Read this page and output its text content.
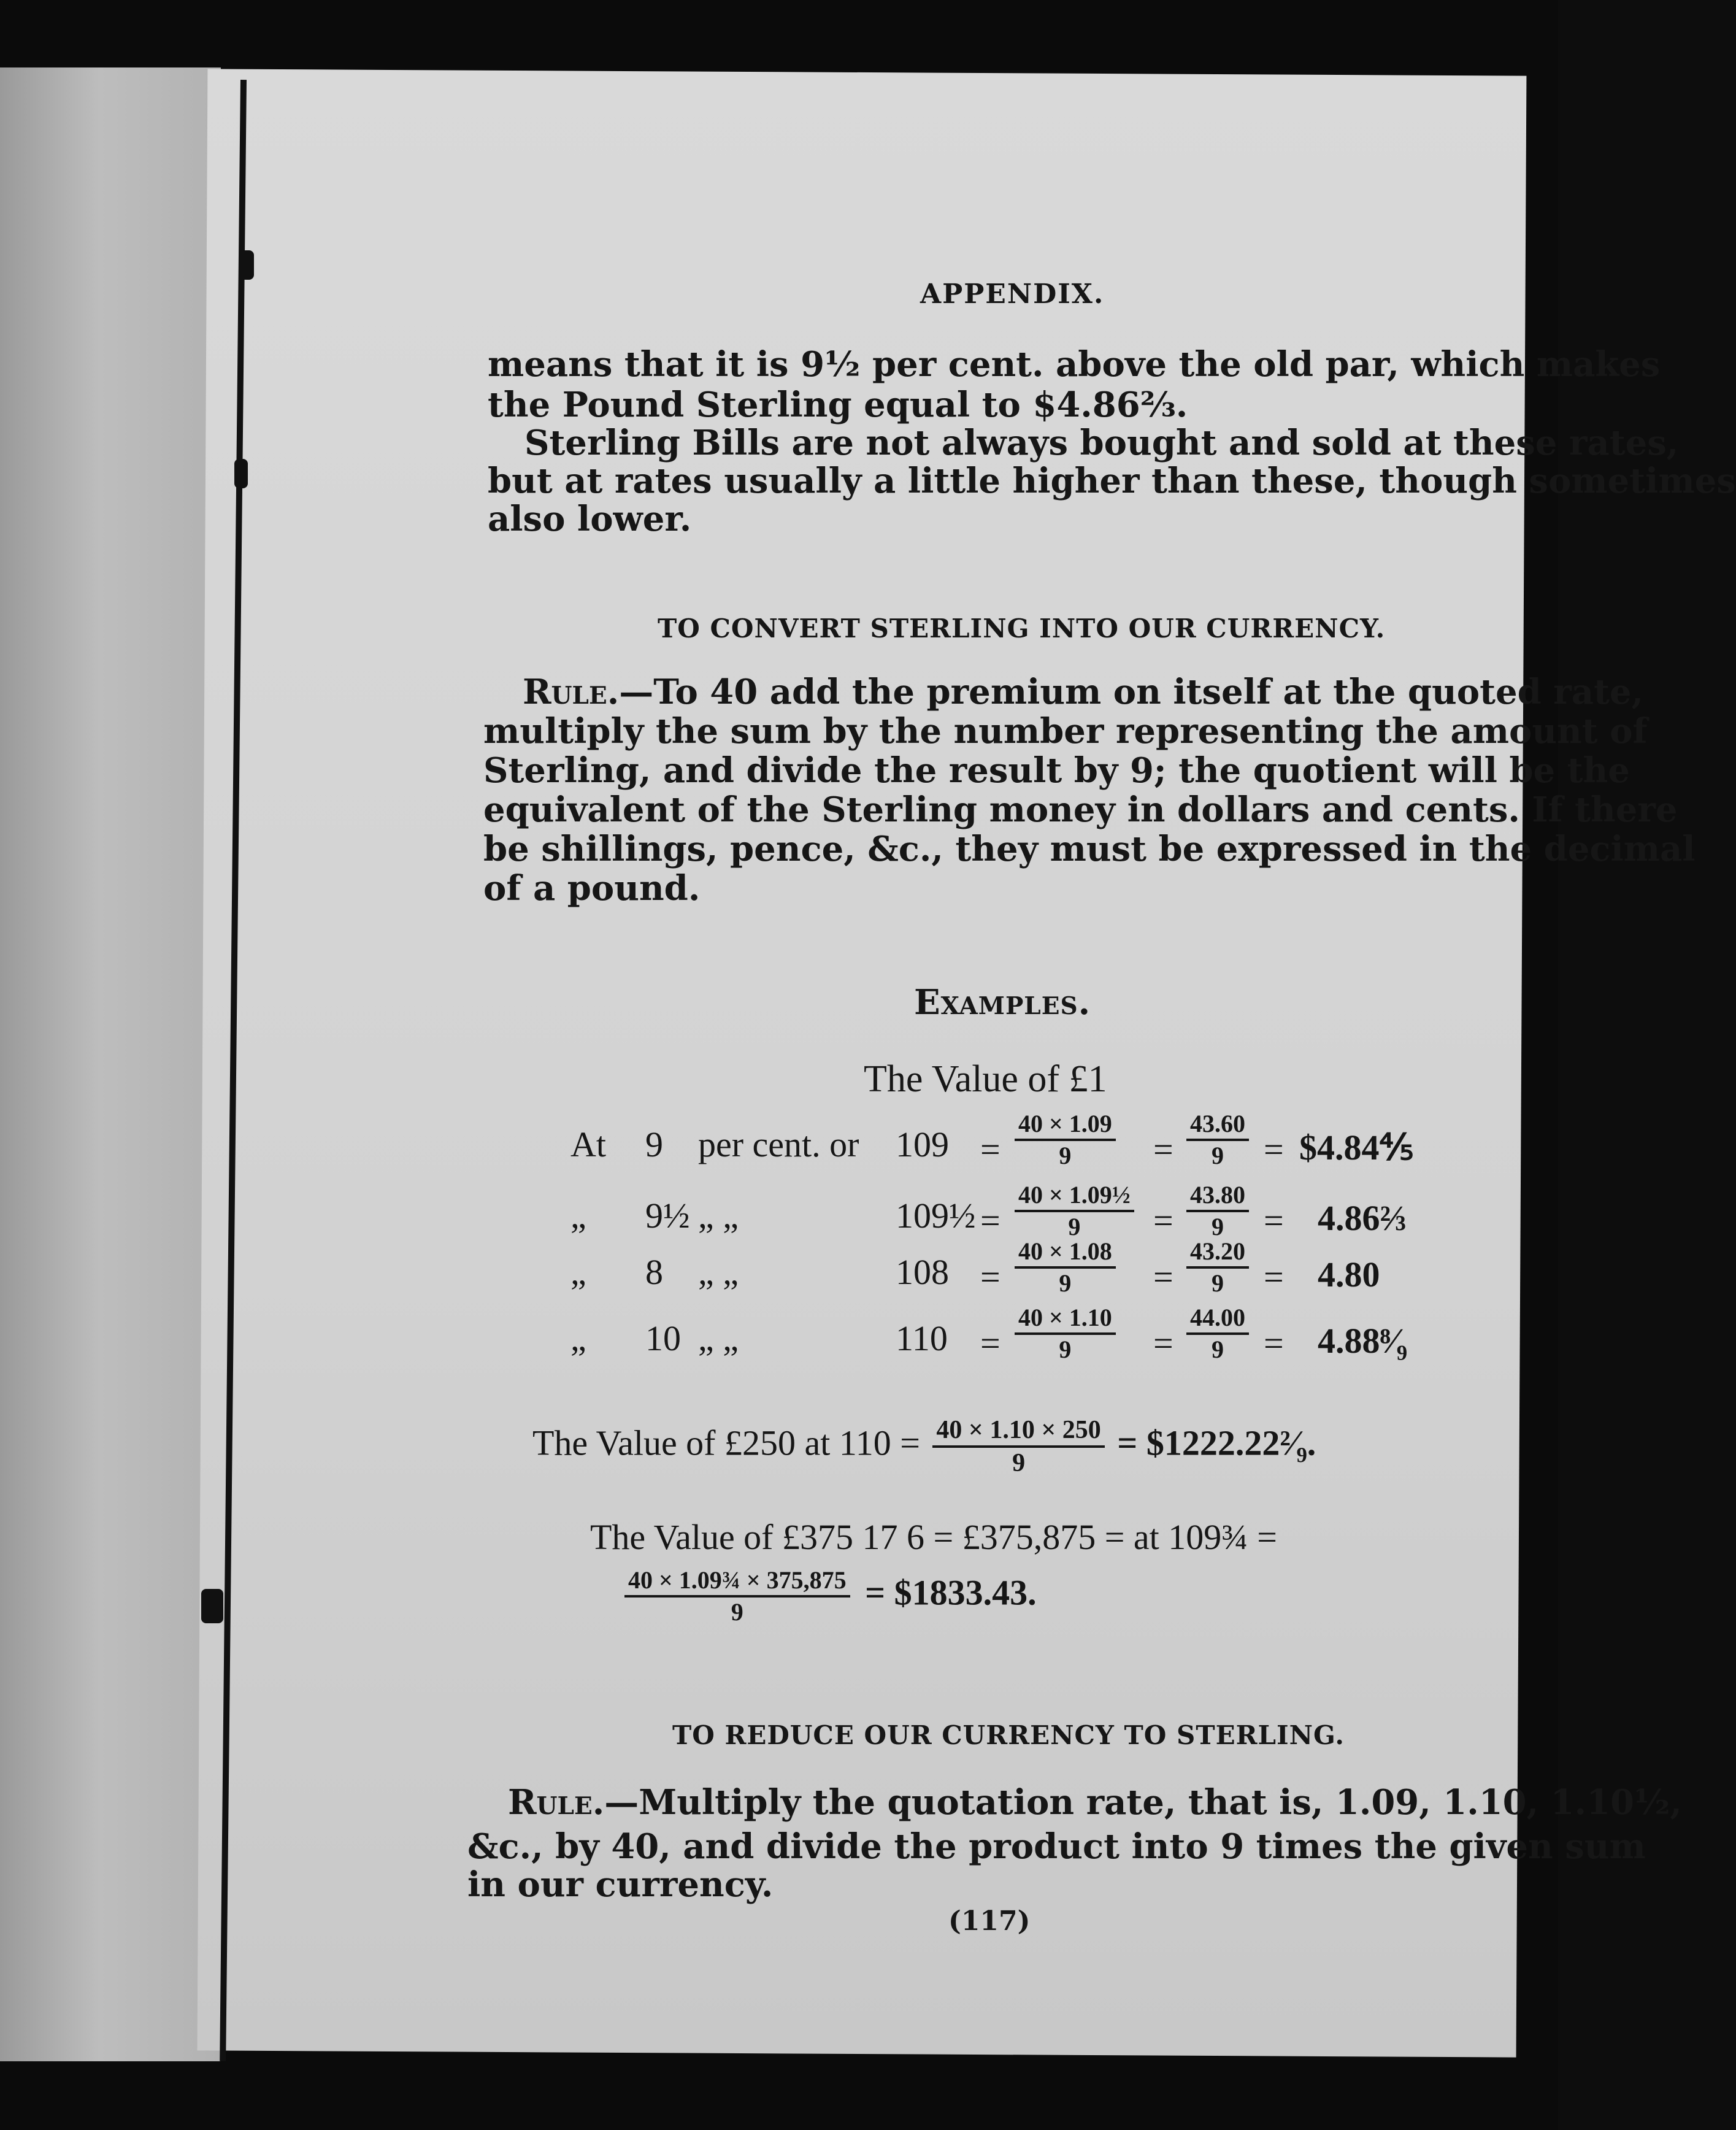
APPENDIX.

means that it is 9½ per cent. above the old par, which makes

the Pound Sterling equal to $4.86⅔.

Sterling Bills are not always bought and sold at these rates,

but at rates usually a little higher than these, though sometimes

also lower.

TO CONVERT STERLING INTO OUR CURRENCY.

Rule.—To 40 add the premium on itself at the quoted rate,

multiply the sum by the number representing the amount of

Sterling, and divide the result by 9; the quotient will be the

equivalent of the Sterling money in dollars and cents. If there

be shillings, pence, &c., they must be expressed in the decimal

of a pound.

Examples.

The Value of £1

At 9 per cent. or $109 = \frac{40 \times 1.09}{9} = \frac{43.60}{9}$ = $4.84⅘
„ 9½ „ „	109½ = $\frac{\text{40 × 1.09½}}{9} = \frac{43.80}{9}$ = 4.86⅔
„ 8 „ „	$108 = \frac{40 \times 1.08}{9} = \frac{43.20}{9} = 4.80$
„ 10 „ „	$110 = \frac{40 \times 1.10}{9} = \frac{44.00}{9}$ = 4.88⁸⁄₉
The Value of £250 at $110 = \frac{40 \times 1.10 \times 250}{9}$ = $1222.22²⁄₉.
The Value of £375 17 6 = £375,875 = at 109¾ =
$\frac{\text{40 × 1.09¾ × 375,875}}{9}$ = $1833.43.

TO REDUCE OUR CURRENCY TO STERLING.

Rule.—Multiply the quotation rate, that is, 1.09, 1.10, 1.10½,

&c., by 40, and divide the product into 9 times the given sum

in our currency.

(117)
